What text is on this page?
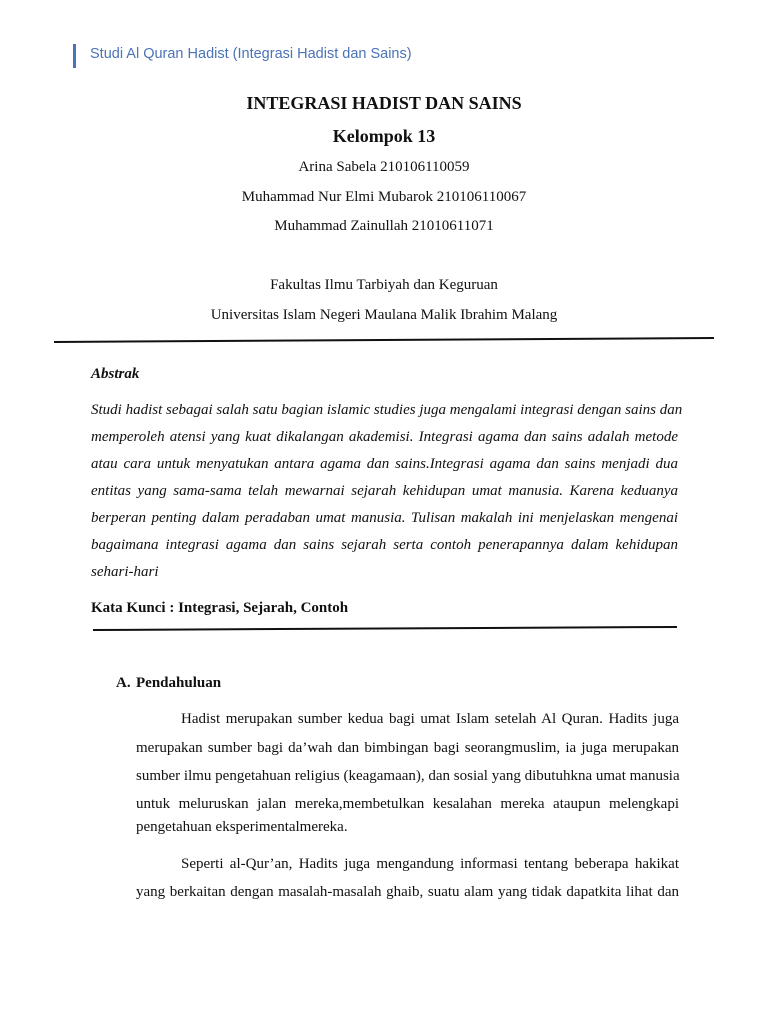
Studi Al Quran Hadist (Integrasi Hadist dan Sains)
INTEGRASI HADIST DAN SAINS
Kelompok 13
Arina Sabela 210106110059
Muhammad Nur Elmi Mubarok 210106110067
Muhammad Zainullah 21010611071
Fakultas Ilmu Tarbiyah dan Keguruan
Universitas Islam Negeri Maulana Malik Ibrahim Malang
Abstrak
Studi hadist sebagai salah satu bagian islamic studies juga mengalami integrasi dengan sains dan
memperoleh atensi yang kuat dikalangan akademisi. Integrasi agama dan sains adalah metode
atau cara untuk menyatukan antara agama dan sains.Integrasi agama dan sains menjadi dua
entitas yang sama-sama telah mewarnai sejarah kehidupan umat manusia. Karena keduanya
berperan penting dalam peradaban umat manusia. Tulisan makalah ini menjelaskan mengenai
bagaimana integrasi agama dan sains sejarah serta contoh penerapannya dalam kehidupan
sehari-hari
Kata Kunci : Integrasi, Sejarah, Contoh
A. Pendahuluan
Hadist merupakan sumber kedua bagi umat Islam setelah Al Quran. Hadits juga
merupakan sumber bagi da’wah dan bimbingan bagi seorangmuslim, ia juga merupakan
sumber ilmu pengetahuan religius (keagamaan), dan sosial yang dibutuhkna umat manusia
untuk meluruskan jalan mereka,membetulkan kesalahan mereka ataupun melengkapi
pengetahuan eksperimentalmereka.
Seperti al-Qur’an, Hadits juga mengandung informasi tentang beberapa hakikat
yang berkaitan dengan masalah-masalah ghaib, suatu alam yang tidak dapatkita lihat dan
